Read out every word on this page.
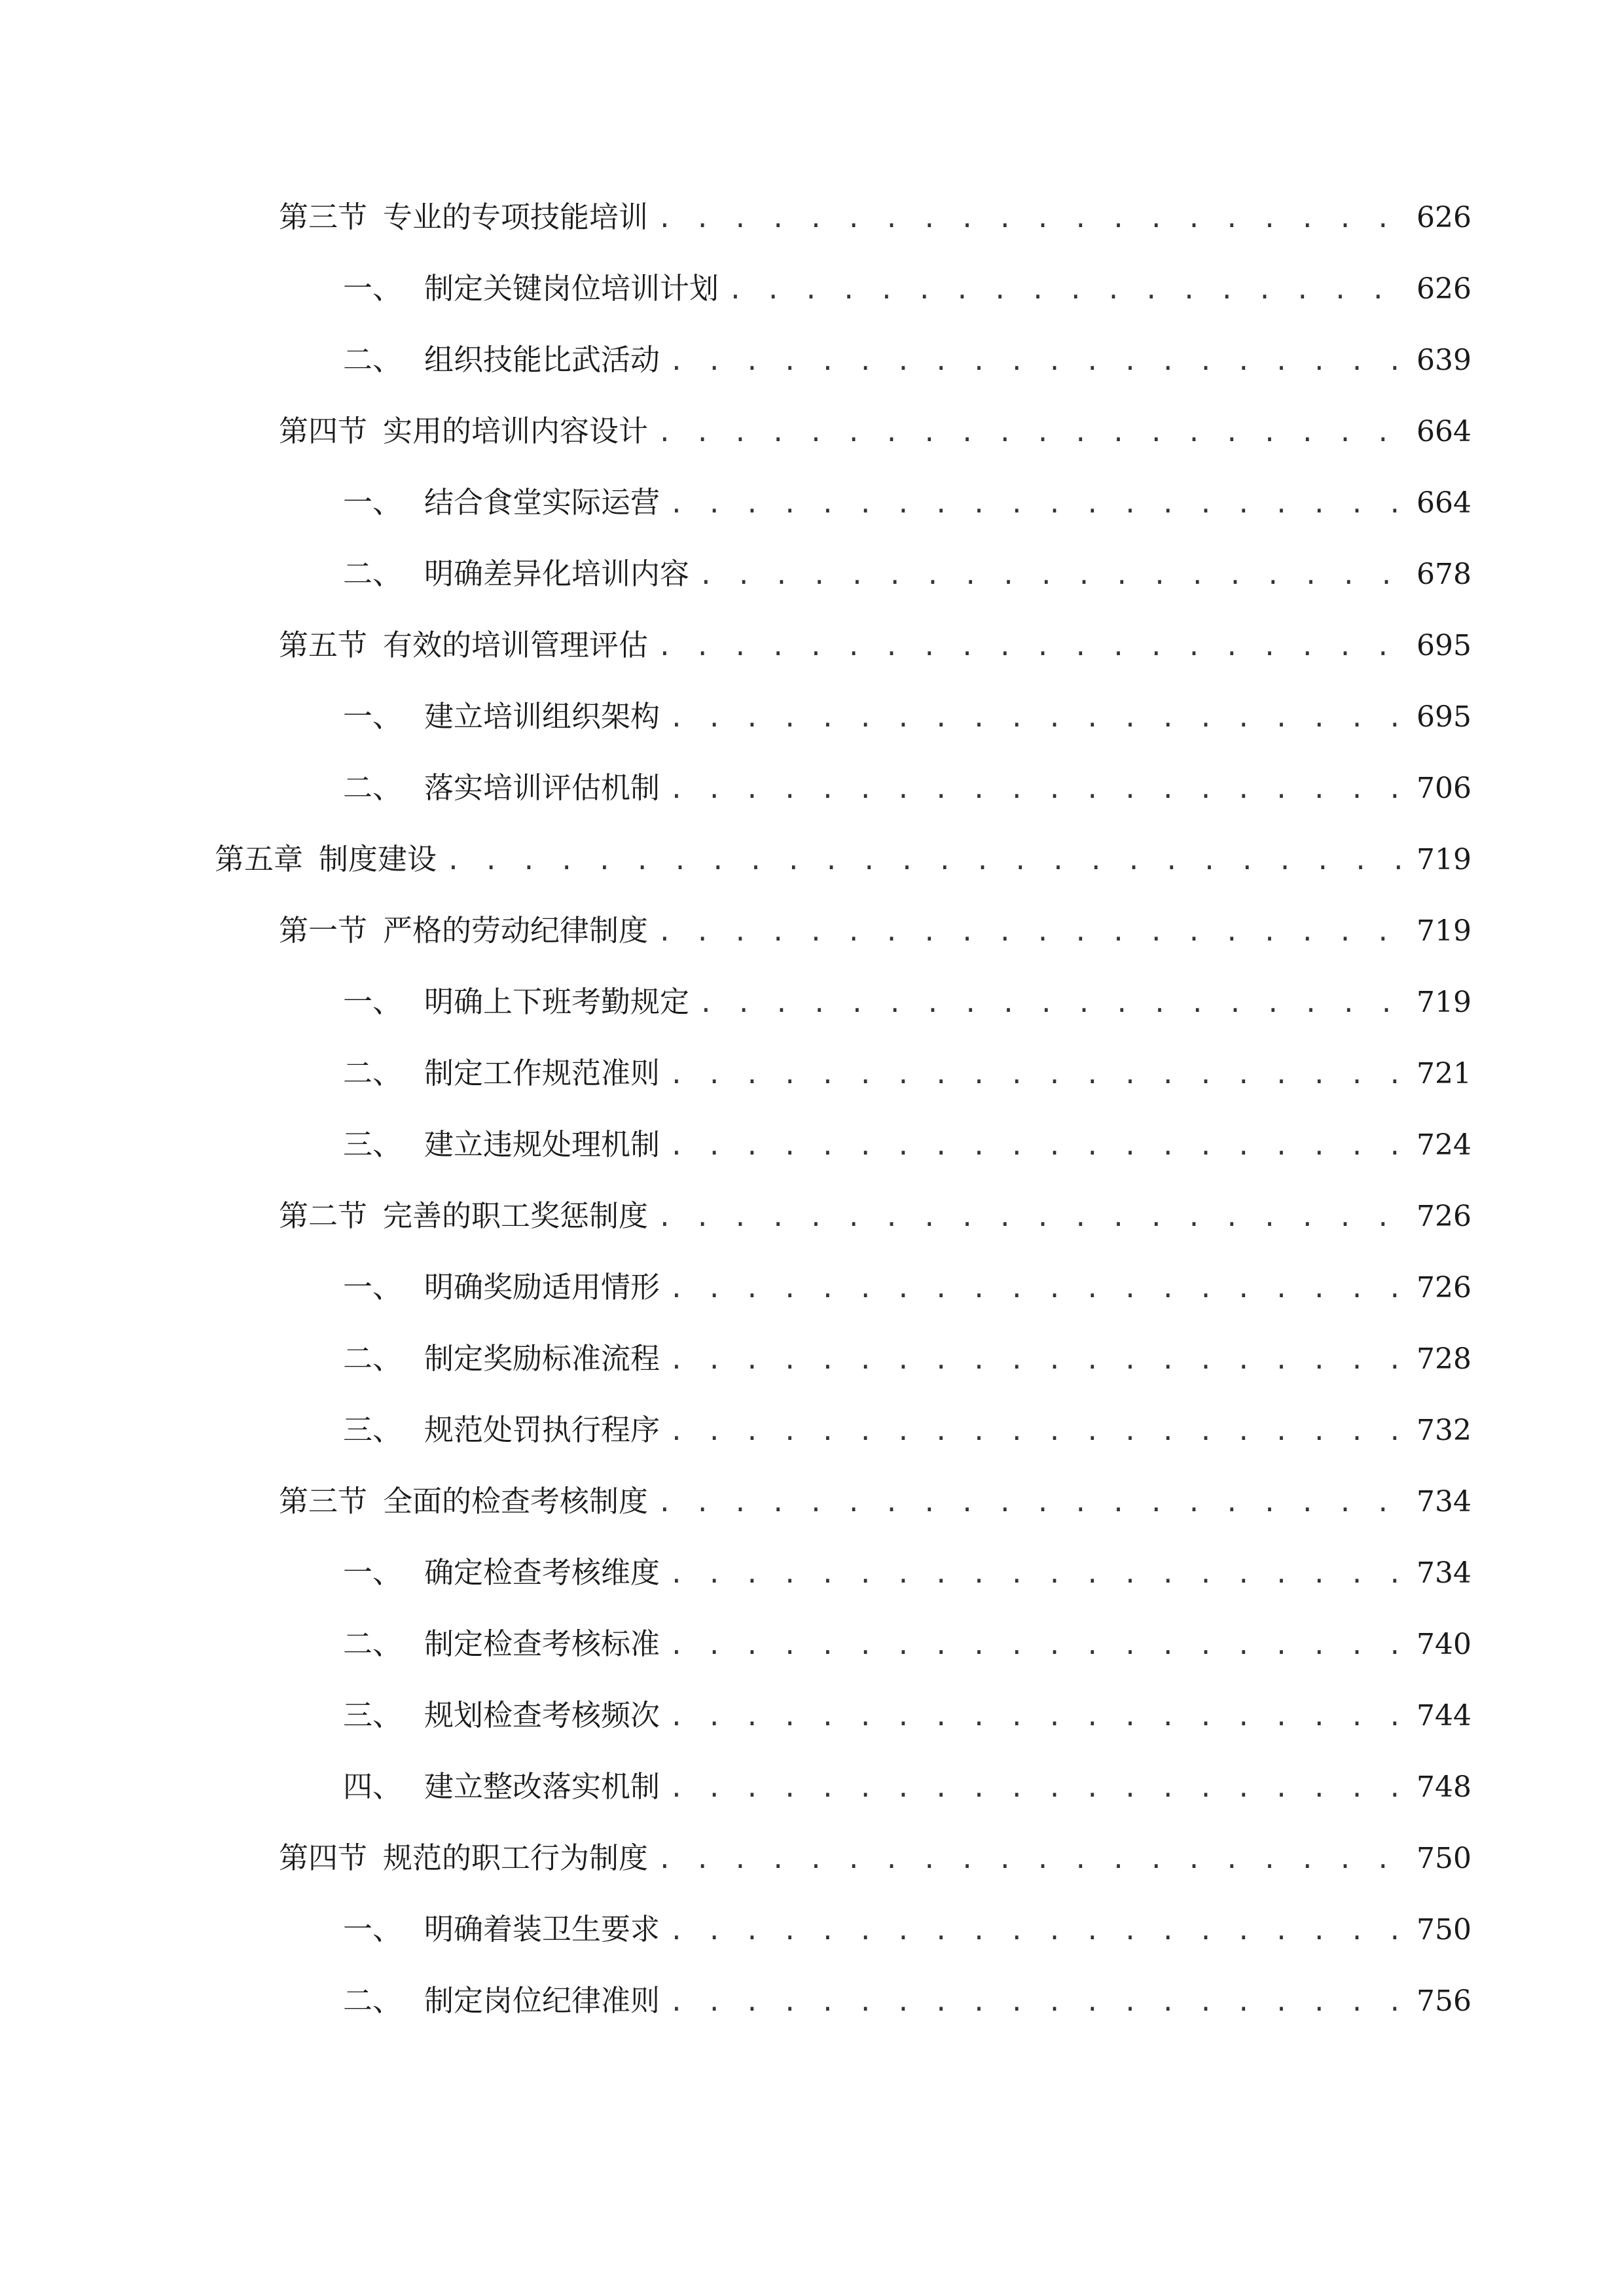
第三节 专业的专项技能培训 . . .	626
一、 制定关键岗位培训计划 . . .	626
二、 组织技能比武活动 . . .	639
第四节 实用的培训内容设计 . . .	664
一、 结合食堂实际运营 . . .	664
二、 明确差异化培训内容 . . .	678
第五节 有效的培训管理评估 . . .	695
一、 建立培训组织架构 . . .	695
二、 落实培训评估机制 . . .	706
第五章 制度建设 . . .	719
第一节 严格的劳动纪律制度 . . .	719
一、 明确上下班考勤规定 . . .	719
二、 制定工作规范准则 . . .	721
三、 建立违规处理机制 . . .	724
第二节 完善的职工奖惩制度 . . .	726
一、 明确奖励适用情形 . . .	726
二、 制定奖励标准流程 . . .	728
三、 规范处罚执行程序 . . .	732
第三节 全面的检查考核制度 . . .	734
一、 确定检查考核维度 . . .	734
二、 制定检查考核标准 . . .	740
三、 规划检查考核频次 . . .	744
四、 建立整改落实机制 . . .	748
第四节 规范的职工行为制度 . . .	750
一、 明确着装卫生要求 . . .	750
二、 制定岗位纪律准则 . . .	756
